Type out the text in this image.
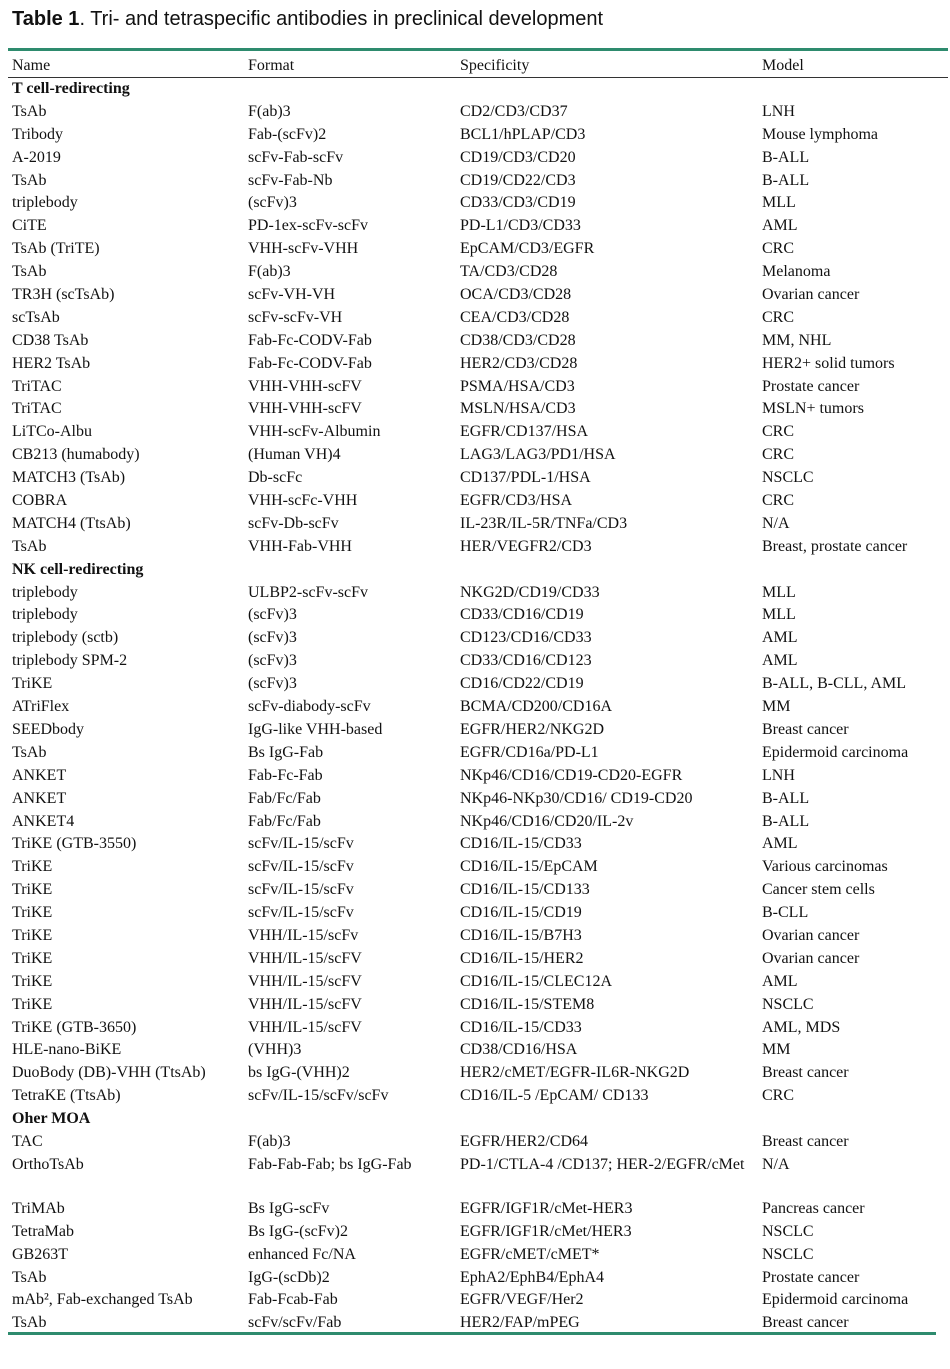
Table 1. Tri- and tetraspecific antibodies in preclinical development
Name	Format	Specificity	Model
T cell-redirecting			
TsAb	F(ab)3	CD2/CD3/CD37	LNH
Tribody	Fab-(scFv)2	BCL1/hPLAP/CD3	Mouse lymphoma
A-2019	scFv-Fab-scFv	CD19/CD3/CD20	B-ALL
TsAb	scFv-Fab-Nb	CD19/CD22/CD3	B-ALL
triplebody	(scFv)3	CD33/CD3/CD19	MLL
CiTE	PD-1ex-scFv-scFv	PD-L1/CD3/CD33	AML
TsAb (TriTE)	VHH-scFv-VHH	EpCAM/CD3/EGFR	CRC
TsAb	F(ab)3	TA/CD3/CD28	Melanoma
TR3H (scTsAb)	scFv-VH-VH	OCA/CD3/CD28	Ovarian cancer
scTsAb	scFv-scFv-VH	CEA/CD3/CD28	CRC
CD38 TsAb	Fab-Fc-CODV-Fab	CD38/CD3/CD28	MM, NHL
HER2 TsAb	Fab-Fc-CODV-Fab	HER2/CD3/CD28	HER2+ solid tumors
TriTAC	VHH-VHH-scFV	PSMA/HSA/CD3	Prostate cancer
TriTAC	VHH-VHH-scFV	MSLN/HSA/CD3	MSLN+ tumors
LiTCo-Albu	VHH-scFv-Albumin	EGFR/CD137/HSA	CRC
CB213 (humabody)	(Human VH)4	LAG3/LAG3/PD1/HSA	CRC
MATCH3 (TsAb)	Db-scFc	CD137/PDL-1/HSA	NSCLC
COBRA	VHH-scFc-VHH	EGFR/CD3/HSA	CRC
MATCH4 (TtsAb)	scFv-Db-scFv	IL-23R/IL-5R/TNFa/CD3	N/A
TsAb	VHH-Fab-VHH	HER/VEGFR2/CD3	Breast, prostate cancer
NK cell-redirecting			
triplebody	ULBP2-scFv-scFv	NKG2D/CD19/CD33	MLL
triplebody	(scFv)3	CD33/CD16/CD19	MLL
triplebody (sctb)	(scFv)3	CD123/CD16/CD33	AML
triplebody SPM-2	(scFv)3	CD33/CD16/CD123	AML
TriKE	(scFv)3	CD16/CD22/CD19	B-ALL, B-CLL, AML
ATriFlex	scFv-diabody-scFv	BCMA/CD200/CD16A	MM
SEEDbody	IgG-like VHH-based	EGFR/HER2/NKG2D	Breast cancer
TsAb	Bs IgG-Fab	EGFR/CD16a/PD-L1	Epidermoid carcinoma
ANKET	Fab-Fc-Fab	NKp46/CD16/CD19-CD20-EGFR	LNH
ANKET	Fab/Fc/Fab	NKp46-NKp30/CD16/ CD19-CD20	B-ALL
ANKET4	Fab/Fc/Fab	NKp46/CD16/CD20/IL-2v	B-ALL
TriKE (GTB-3550)	scFv/IL-15/scFv	CD16/IL-15/CD33	AML
TriKE	scFv/IL-15/scFv	CD16/IL-15/EpCAM	Various carcinomas
TriKE	scFv/IL-15/scFv	CD16/IL-15/CD133	Cancer stem cells
TriKE	scFv/IL-15/scFv	CD16/IL-15/CD19	B-CLL
TriKE	VHH/IL-15/scFv	CD16/IL-15/B7H3	Ovarian cancer
TriKE	VHH/IL-15/scFV	CD16/IL-15/HER2	Ovarian cancer
TriKE	VHH/IL-15/scFV	CD16/IL-15/CLEC12A	AML
TriKE	VHH/IL-15/scFV	CD16/IL-15/STEM8	NSCLC
TriKE (GTB-3650)	VHH/IL-15/scFV	CD16/IL-15/CD33	AML, MDS
HLE-nano-BiKE	(VHH)3	CD38/CD16/HSA	MM
DuoBody (DB)-VHH (TtsAb)	bs IgG-(VHH)2	HER2/cMET/EGFR-IL6R-NKG2D	Breast cancer
TetraKE (TtsAb)	scFv/IL-15/scFv/scFv	CD16/IL-5 /EpCAM/ CD133	CRC
Oher MOA			
TAC	F(ab)3	EGFR/HER2/CD64	Breast cancer
OrthoTsAb	Fab-Fab-Fab; bs IgG-Fab	PD-1/CTLA-4 /CD137; HER-2/EGFR/cMet	N/A
TriMAb	Bs IgG-scFv	EGFR/IGF1R/cMet-HER3	Pancreas cancer
TetraMab	Bs IgG-(scFv)2	EGFR/IGF1R/cMet/HER3	NSCLC
GB263T	enhanced Fc/NA	EGFR/cMET/cMET*	NSCLC
TsAb	IgG-(scDb)2	EphA2/EphB4/EphA4	Prostate cancer
mAb², Fab-exchanged TsAb	Fab-Fcab-Fab	EGFR/VEGF/Her2	Epidermoid carcinoma
TsAb	scFv/scFv/Fab	HER2/FAP/mPEG	Breast cancer
